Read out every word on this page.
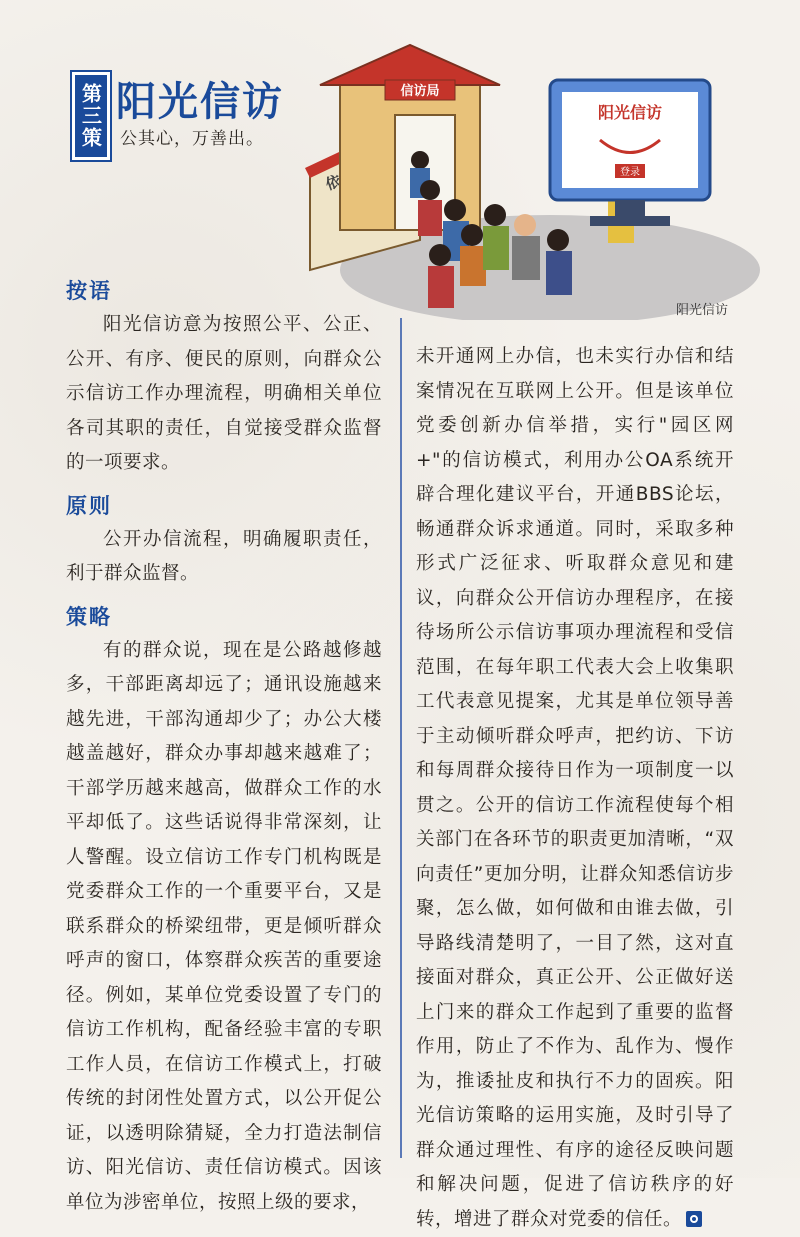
第三策 阳光信访
公其心，万善出。
信访局
阳光信访
登录
阳光信访
按语

阳光信访意为按照公平、公正、公开、有序、便民的原则，向群众公示信访工作办理流程，明确相关单位各司其职的责任，自觉接受群众监督的一项要求。

原则

公开办信流程，明确履职责任，利于群众监督。

策略

有的群众说，现在是公路越修越多，干部距离却远了；通讯设施越来越先进，干部沟通却少了；办公大楼越盖越好，群众办事却越来越难了；干部学历越来越高，做群众工作的水平却低了。这些话说得非常深刻，让人警醒。设立信访工作专门机构既是党委群众工作的一个重要平台，又是联系群众的桥梁纽带，更是倾听群众呼声的窗口，体察群众疾苦的重要途径。例如，某单位党委设置了专门的信访工作机构，配备经验丰富的专职工作人员，在信访工作模式上，打破传统的封闭性处置方式，以公开促公证，以透明除猜疑，全力打造法制信访、阳光信访、责任信访模式。因该单位为涉密单位，按照上级的要求，

未开通网上办信，也未实行办信和结案情况在互联网上公开。但是该单位党委创新办信举措，实行"园区网+"的信访模式，利用办公OA系统开辟合理化建议平台，开通BBS论坛，畅通群众诉求通道。同时，采取多种形式广泛征求、听取群众意见和建议，向群众公开信访办理程序，在接待场所公示信访事项办理流程和受信范围，在每年职工代表大会上收集职工代表意见提案，尤其是单位领导善于主动倾听群众呼声，把约访、下访和每周群众接待日作为一项制度一以贯之。公开的信访工作流程使每个相关部门在各环节的职责更加清晰，“双向责任”更加分明，让群众知悉信访步聚，怎么做，如何做和由谁去做，引导路线清楚明了，一目了然，这对直接面对群众，真正公开、公正做好送上门来的群众工作起到了重要的监督作用，防止了不作为、乱作为、慢作为，推诿扯皮和执行不力的固疾。阳光信访策略的运用实施，及时引导了群众通过理性、有序的途径反映问题和解决问题，促进了信访秩序的好转，增进了群众对党委的信任。
